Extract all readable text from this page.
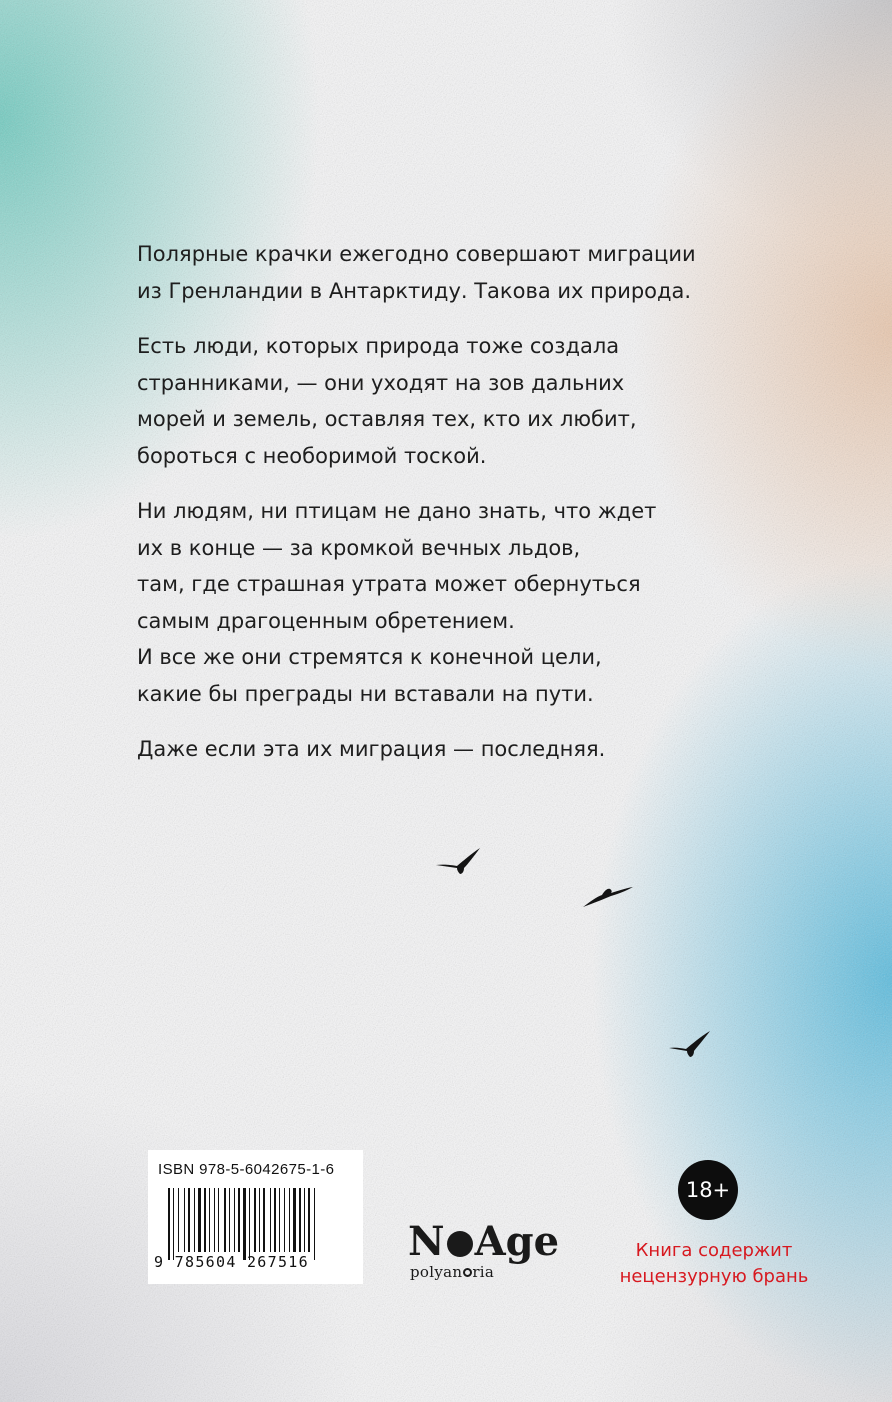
Полярные крачки ежегодно совершают миграции
из Гренландии в Антарктиду. Такова их природа.

Есть люди, которых природа тоже создала
странниками, — они уходят на зов дальних
морей и земель, оставляя тех, кто их любит,
бороться с необоримой тоской.

Ни людям, ни птицам не дано знать, что ждет
их в конце — за кромкой вечных льдов,
там, где страшная утрата может обернуться
самым драгоценным обретением.
И все же они стремятся к конечной цели,
какие бы преграды ни вставали на пути.

Даже если эта их миграция — последняя.

ISBN 978-5-6042675-1-6
9 785604 267516	N Age
polyan ria
18+
Книга содержит
нецензурную брань
